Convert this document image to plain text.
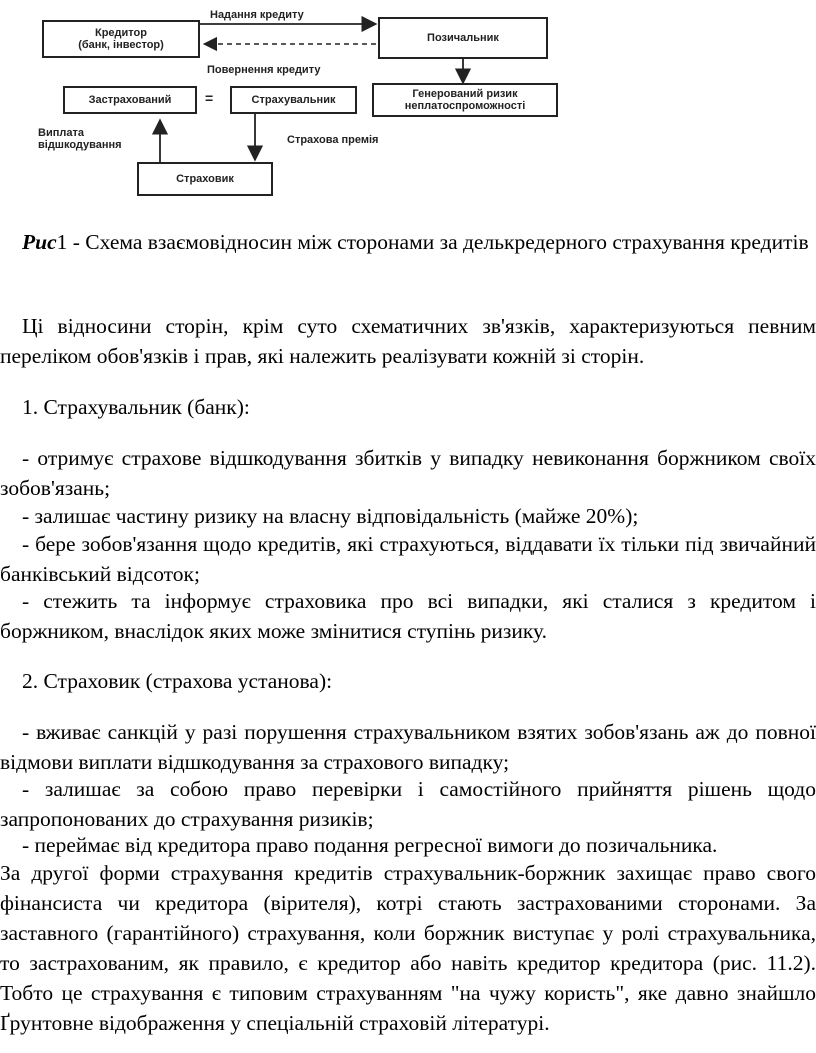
Кредитор
(банк, інвестор)
Позичальник
Застрахований	=	Страхувальник	Генерований ризик
неплатоспроможності
Страховик
Надання кредиту
Повернення кредиту
Виплата
відшкодування	Страхова премія

Рис1 - Схема взаємовідносин між сторонами за делькредерного страхування кредитів

Ці відносини сторін, крім суто схематичних зв'язків, характеризуються певним переліком обов'язків і прав, які належить реалізувати кожній зі сторін.

1. Страхувальник (банк):

- отримує страхове відшкодування збитків у випадку невиконання боржником своїх зобов'язань;

- залишає частину ризику на власну відповідальність (майже 20%);

- бере зобов'язання щодо кредитів, які страхуються, віддавати їх тільки під звичайний банківський відсоток;

- стежить та інформує страховика про всі випадки, які сталися з кредитом і боржником, внаслідок яких може змінитися ступінь ризику.

2. Страховик (страхова установа):

- вживає санкцій у разі порушення страхувальником взятих зобов'язань аж до повної відмови виплати відшкодування за страхового випадку;

- залишає за собою право перевірки і самостійного прийняття рішень щодо запропонованих до страхування ризиків;

- переймає від кредитора право подання регресної вимоги до позичальника.

За другої форми страхування кредитів страхувальник-боржник захищає право свого фінансиста чи кредитора (вірителя), котрі стають застрахованими сторонами. За заставного (гарантійного) страхування, коли боржник виступає у ролі страхувальника, то застрахованим, як правило, є кредитор або навіть кредитор кредитора (рис. 11.2). Тобто це страхування є типовим страхуванням "на чужу користь", яке давно знайшло Ґрунтовне відображення у спеціальній страховій літературі.
